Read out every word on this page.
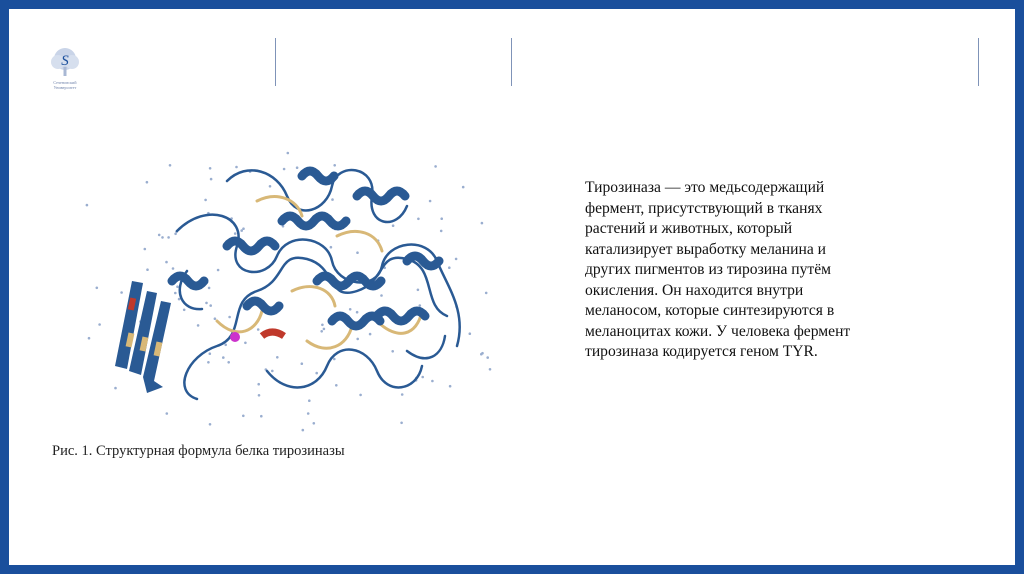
S
Сеченовский
Университет
Рис. 1. Структурная формула белка тирозиназы
Тирозиназа — это медьсодержащий
фермент, присутствующий в тканях
растений и животных, который
катализирует выработку меланина и
других пигментов из тирозина путём
окисления. Он находится внутри
меланосом, которые синтезируются в
меланоцитах кожи. У человека фермент
тирозиназа кодируется геном TYR.
